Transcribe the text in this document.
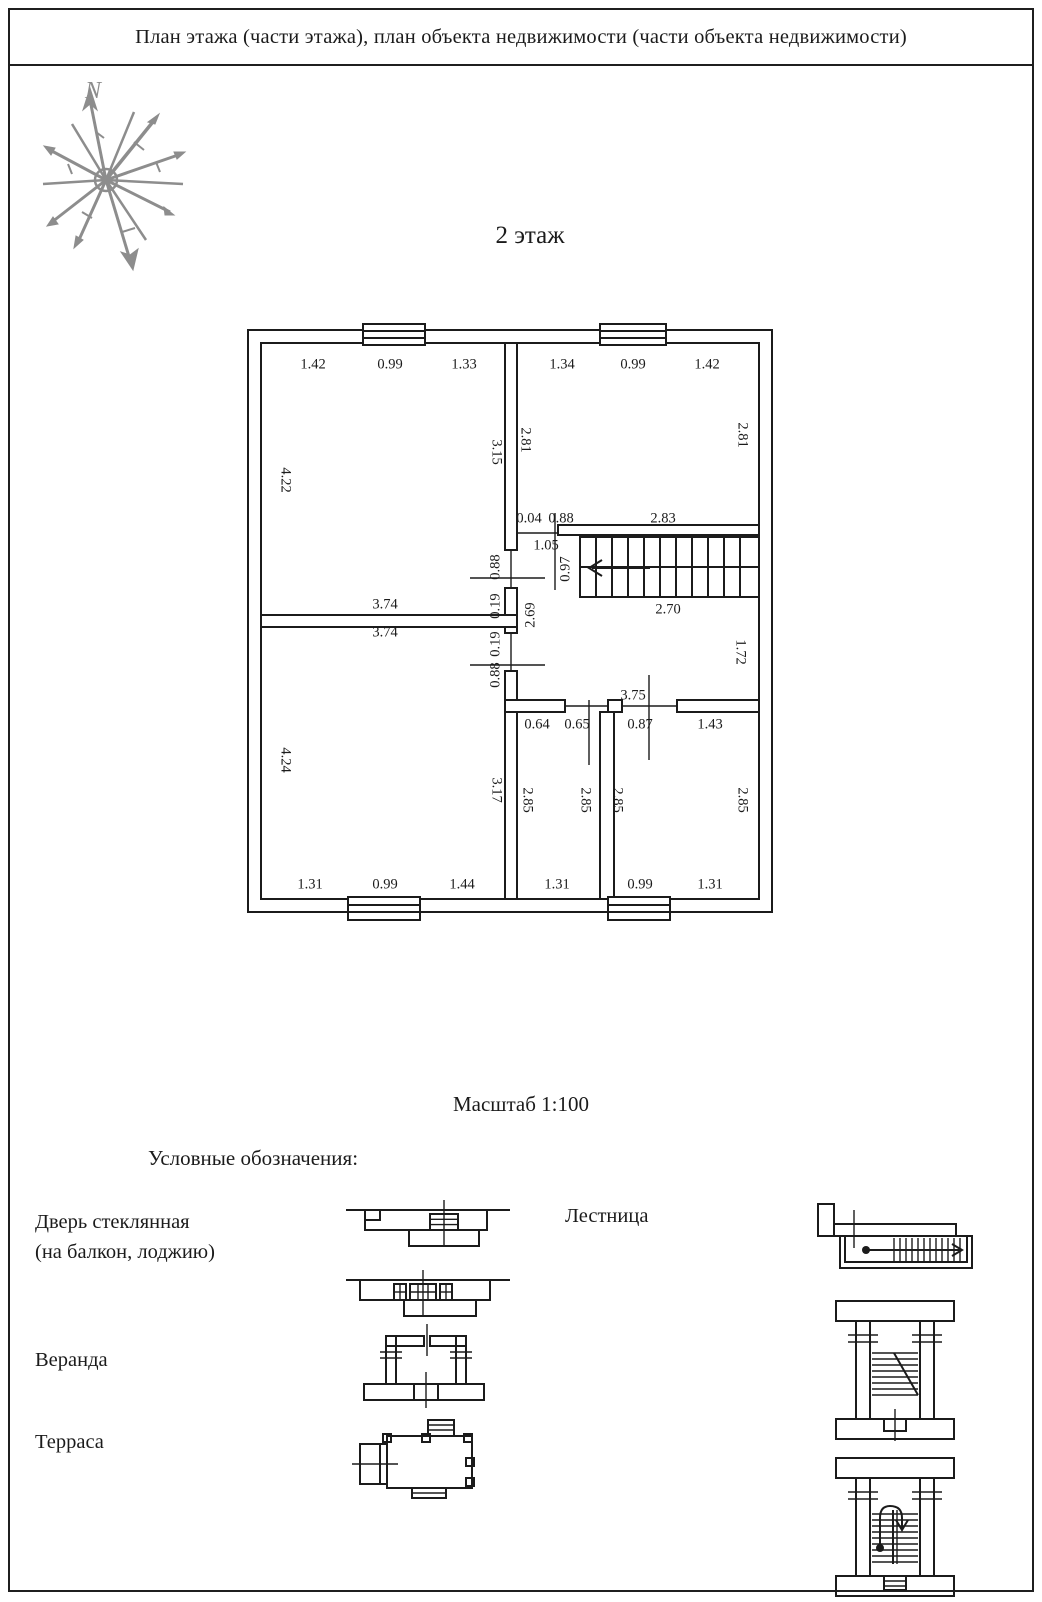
План этажа (части этажа), план объекта недвижимости (части объекта недвижимости)
N
2 этаж
1.42	0.99	1.33
4.22
3.15
3.74
1.34	0.99	1.42
2.81	2.81
0.04 0.88	2.83
1.05
0.97
2.70
2.69
1.72
3.75
0.88
0.19
0.19
0.88
3.74
4.24
3.17
1.31	0.99	1.44
0.64 0.65
2.85	2.85
1.31
0.87	1.43
2.85	2.85
0.99	1.31
Масштаб 1:100
Условные обозначения:
Дверь стеклянная
(на балкон, лоджию)
Веранда
Терраса
Лестница
